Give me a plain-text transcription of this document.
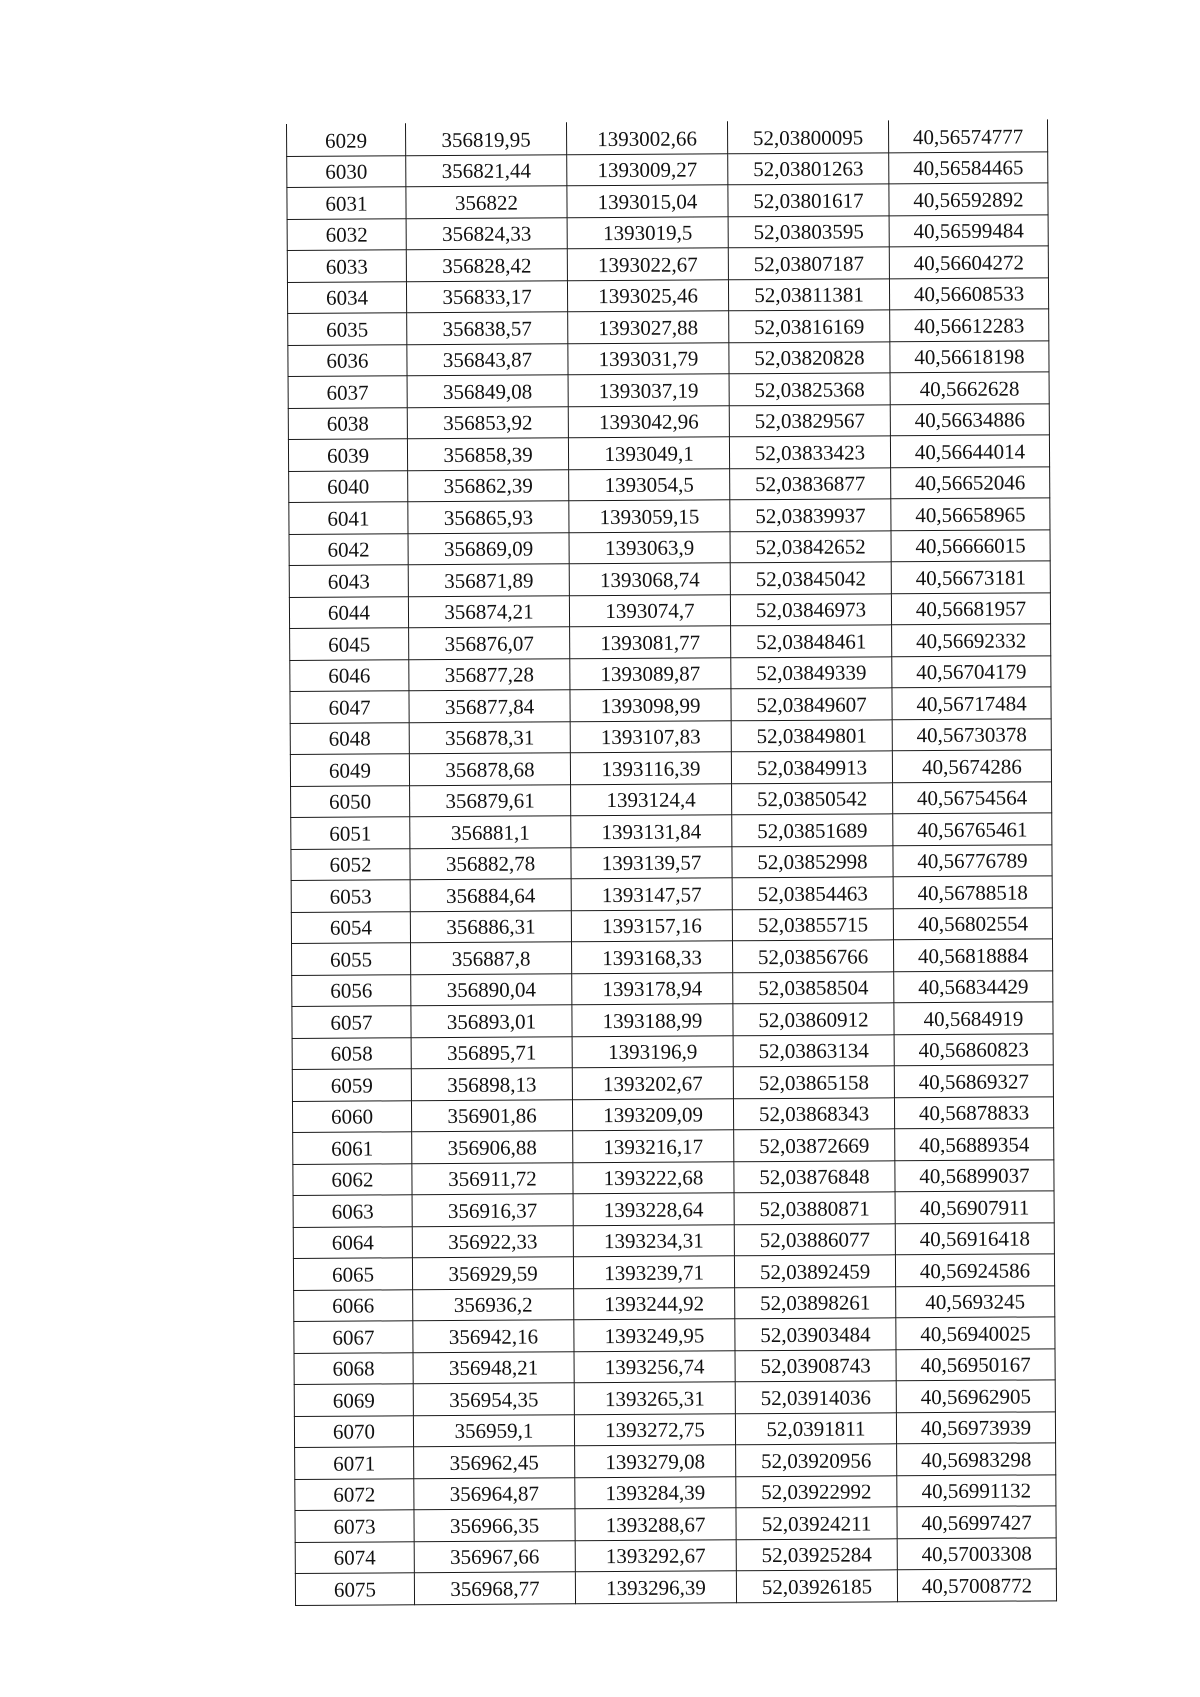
6029	356819,95	1393002,66	52,03800095	40,56574777
6030	356821,44	1393009,27	52,03801263	40,56584465
6031	356822	1393015,04	52,03801617	40,56592892
6032	356824,33	1393019,5	52,03803595	40,56599484
6033	356828,42	1393022,67	52,03807187	40,56604272
6034	356833,17	1393025,46	52,03811381	40,56608533
6035	356838,57	1393027,88	52,03816169	40,56612283
6036	356843,87	1393031,79	52,03820828	40,56618198
6037	356849,08	1393037,19	52,03825368	40,5662628
6038	356853,92	1393042,96	52,03829567	40,56634886
6039	356858,39	1393049,1	52,03833423	40,56644014
6040	356862,39	1393054,5	52,03836877	40,56652046
6041	356865,93	1393059,15	52,03839937	40,56658965
6042	356869,09	1393063,9	52,03842652	40,56666015
6043	356871,89	1393068,74	52,03845042	40,56673181
6044	356874,21	1393074,7	52,03846973	40,56681957
6045	356876,07	1393081,77	52,03848461	40,56692332
6046	356877,28	1393089,87	52,03849339	40,56704179
6047	356877,84	1393098,99	52,03849607	40,56717484
6048	356878,31	1393107,83	52,03849801	40,56730378
6049	356878,68	1393116,39	52,03849913	40,5674286
6050	356879,61	1393124,4	52,03850542	40,56754564
6051	356881,1	1393131,84	52,03851689	40,56765461
6052	356882,78	1393139,57	52,03852998	40,56776789
6053	356884,64	1393147,57	52,03854463	40,56788518
6054	356886,31	1393157,16	52,03855715	40,56802554
6055	356887,8	1393168,33	52,03856766	40,56818884
6056	356890,04	1393178,94	52,03858504	40,56834429
6057	356893,01	1393188,99	52,03860912	40,5684919
6058	356895,71	1393196,9	52,03863134	40,56860823
6059	356898,13	1393202,67	52,03865158	40,56869327
6060	356901,86	1393209,09	52,03868343	40,56878833
6061	356906,88	1393216,17	52,03872669	40,56889354
6062	356911,72	1393222,68	52,03876848	40,56899037
6063	356916,37	1393228,64	52,03880871	40,56907911
6064	356922,33	1393234,31	52,03886077	40,56916418
6065	356929,59	1393239,71	52,03892459	40,56924586
6066	356936,2	1393244,92	52,03898261	40,5693245
6067	356942,16	1393249,95	52,03903484	40,56940025
6068	356948,21	1393256,74	52,03908743	40,56950167
6069	356954,35	1393265,31	52,03914036	40,56962905
6070	356959,1	1393272,75	52,0391811	40,56973939
6071	356962,45	1393279,08	52,03920956	40,56983298
6072	356964,87	1393284,39	52,03922992	40,56991132
6073	356966,35	1393288,67	52,03924211	40,56997427
6074	356967,66	1393292,67	52,03925284	40,57003308
6075	356968,77	1393296,39	52,03926185	40,57008772
